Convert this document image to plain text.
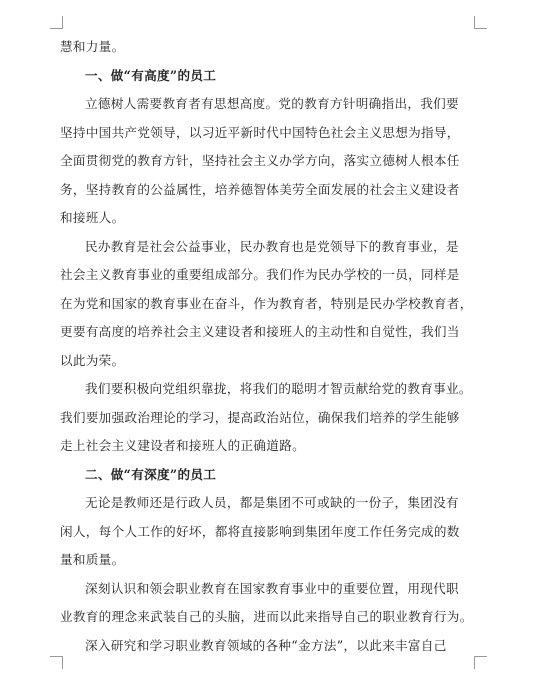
慧和力量。
一、做“有高度”的员工
立德树人需要教育者有思想高度。党的教育方针明确指出，我们要
坚持中国共产党领导，以习近平新时代中国特色社会主义思想为指导，
全面贯彻党的教育方针，坚持社会主义办学方向，落实立德树人根本任
务，坚持教育的公益属性，培养德智体美劳全面发展的社会主义建设者
和接班人。
民办教育是社会公益事业，民办教育也是党领导下的教育事业，是
社会主义教育事业的重要组成部分。我们作为民办学校的一员，同样是
在为党和国家的教育事业在奋斗，作为教育者，特别是民办学校教育者，
更要有高度的培养社会主义建设者和接班人的主动性和自觉性，我们当
以此为荣。
我们要积极向党组织靠拢，将我们的聪明才智贡献给党的教育事业。
我们要加强政治理论的学习，提高政治站位，确保我们培养的学生能够
走上社会主义建设者和接班人的正确道路。
二、做“有深度”的员工
无论是教师还是行政人员，都是集团不可或缺的一份子，集团没有
闲人，每个人工作的好坏，都将直接影响到集团年度工作任务完成的数
量和质量。
深刻认识和领会职业教育在国家教育事业中的重要位置，用现代职
业教育的理念来武装自己的头脑，进而以此来指导自己的职业教育行为。
深入研究和学习职业教育领域的各种“金方法”，以此来丰富自己
